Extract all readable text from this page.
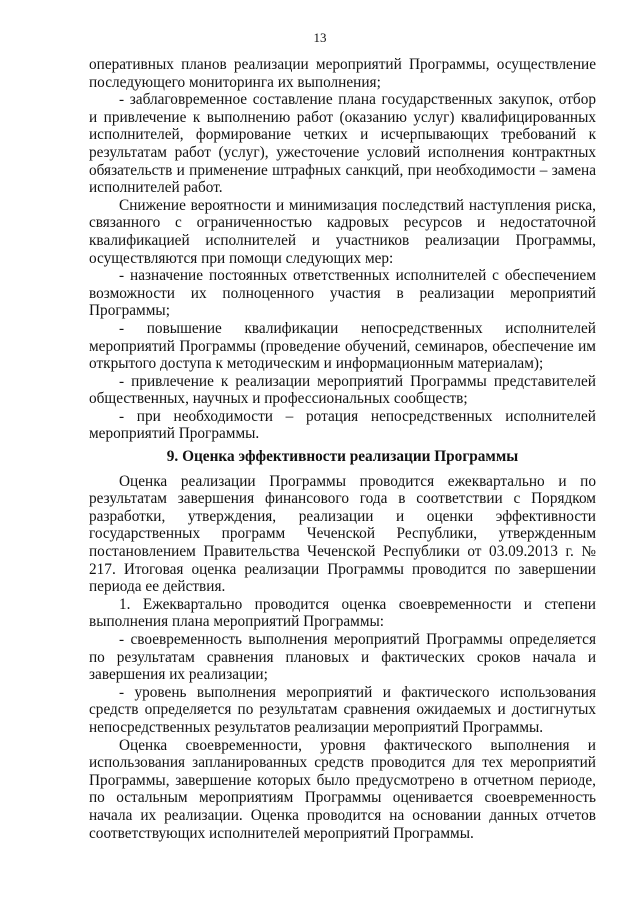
13

оперативных планов реализации мероприятий Программы, осуществление последующего мониторинга их выполнения;

- заблаговременное составление плана государственных закупок, отбор и привлечение к выполнению работ (оказанию услуг) квалифицированных исполнителей, формирование четких и исчерпывающих требований к результатам работ (услуг), ужесточение условий исполнения контрактных обязательств и применение штрафных санкций, при необходимости – замена исполнителей работ.

Снижение вероятности и минимизация последствий наступления риска, связанного с ограниченностью кадровых ресурсов и недостаточной квалификацией исполнителей и участников реализации Программы, осуществляются при помощи следующих мер:

- назначение постоянных ответственных исполнителей с обеспечением возможности их полноценного участия в реализации мероприятий Программы;

- повышение квалификации непосредственных исполнителей мероприятий Программы (проведение обучений, семинаров, обеспечение им открытого доступа к методическим и информационным материалам);

- привлечение к реализации мероприятий Программы представителей общественных, научных и профессиональных сообществ;

- при необходимости – ротация непосредственных исполнителей мероприятий Программы.

9. Оценка эффективности реализации Программы

Оценка реализации Программы проводится ежеквартально и по результатам завершения финансового года в соответствии с Порядком разработки, утверждения, реализации и оценки эффективности государственных программ Чеченской Республики, утвержденным постановлением Правительства Чеченской Республики от 03.09.2013 г. № 217. Итоговая оценка реализации Программы проводится по завершении периода ее действия.

1. Ежеквартально проводится оценка своевременности и степени выполнения плана мероприятий Программы:

- своевременность выполнения мероприятий Программы определяется по результатам сравнения плановых и фактических сроков начала и завершения их реализации;

- уровень выполнения мероприятий и фактического использования средств определяется по результатам сравнения ожидаемых и достигнутых непосредственных результатов реализации мероприятий Программы.

Оценка своевременности, уровня фактического выполнения и использования запланированных средств проводится для тех мероприятий Программы, завершение которых было предусмотрено в отчетном периоде, по остальным мероприятиям Программы оценивается своевременность начала их реализации. Оценка проводится на основании данных отчетов соответствующих исполнителей мероприятий Программы.
